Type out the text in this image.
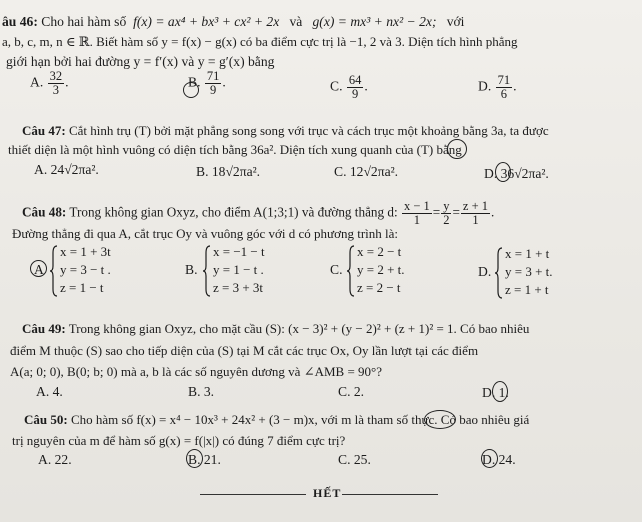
âu 46: Cho hai hàm số f(x) = ax⁴ + bx³ + cx² + 2x và g(x) = mx³ + nx² − 2x; với
a, b, c, m, n ∈ ℝ. Biết hàm số y = f(x) − g(x) có ba điểm cực trị là −1, 2 và 3. Diện tích hình phẳng
giới hạn bởi hai đường y = f′(x) và y = g′(x) bằng
A. $\frac{32}{3}$ .	B. $\frac{71}{9}$ .	C. $\frac{64}{9}$ .	D. $\frac{71}{6}$ .
Câu 47: Cắt hình trụ (T) bởi mặt phẳng song song với trục và cách trục một khoảng bằng 3a, ta được
thiết diện là một hình vuông có diện tích bằng 36a². Diện tích xung quanh của (T) bằng
A. 24√2πa².	B. 18√2πa².	C. 12√2πa².	D. 36√2πa².
Câu 48: Trong không gian Oxyz, cho điểm A(1;3;1) và đường thẳng d: $\frac{x - 1}{1} = \frac{y}{2} = \frac{z + 1}{1}$ .
Đường thẳng đi qua A, cắt trục Oy và vuông góc với d có phương trình là:
A
x = 1 + 3t
y = 3 − t .
z = 1 − t
B.
x = −1 − t
y = 1 − t .
z = 3 + 3t
C.
x = 2 − t
y = 2 + t.
z = 2 − t
D.
x = 1 + t
y = 3 + t.
z = 1 + t
Câu 49: Trong không gian Oxyz, cho mặt cầu (S): (x − 3)² + (y − 2)² + (z + 1)² = 1. Có bao nhiêu
điểm M thuộc (S) sao cho tiếp diện của (S) tại M cắt các trục Ox, Oy lần lượt tại các điểm
A(a; 0; 0), B(0; b; 0) mà a, b là các số nguyên dương và ∠AMB = 90°?
A. 4.	B. 3.	C. 2.	D. 1.
Câu 50: Cho hàm số f(x) = x⁴ − 10x³ + 24x² + (3 − m)x, với m là tham số thực. Có bao nhiêu giá
trị nguyên của m để hàm số g(x) = f(|x|) có đúng 7 điểm cực trị?
A. 22.	B. 21.	C. 25.	D. 24.
HẾT
